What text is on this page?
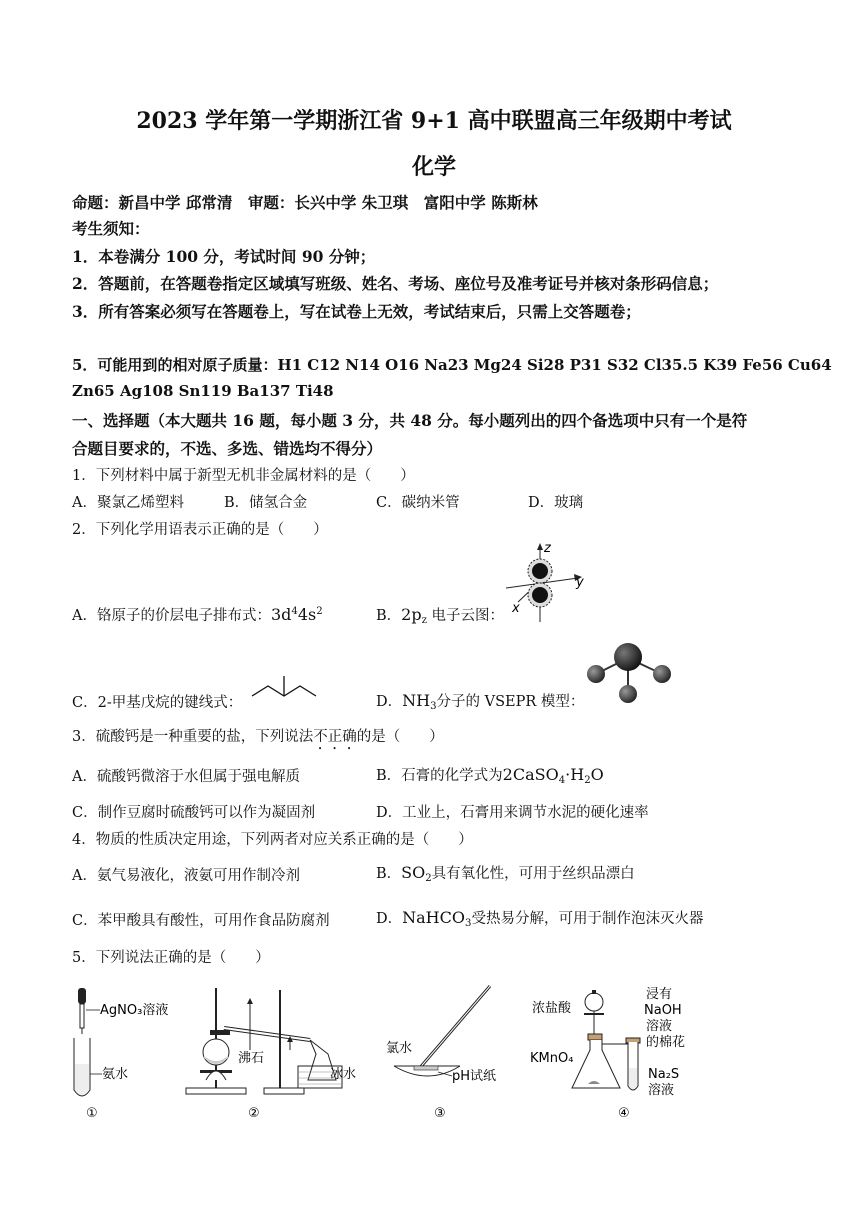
2023 学年第一学期浙江省 9+1 高中联盟高三年级期中考试
化学
命题：新昌中学 邱常清　审题：长兴中学 朱卫琪　富阳中学 陈斯林
考生须知：
1．本卷满分 100 分，考试时间 90 分钟；
2．答题前，在答题卷指定区域填写班级、姓名、考场、座位号及准考证号并核对条形码信息；
3．所有答案必须写在答题卷上，写在试卷上无效，考试结束后，只需上交答题卷；
5．可能用到的相对原子质量：H1 C12 N14 O16 Na23 Mg24 Si28 P31 S32 Cl35.5 K39 Fe56 Cu64
Zn65 Ag108 Sn119 Ba137 Ti48
一、选择题（本大题共 16 题，每小题 3 分，共 48 分。每小题列出的四个备选项中只有一个是符
合题目要求的，不选、多选、错选均不得分）
1．下列材料中属于新型无机非金属材料的是（　　）
A．聚氯乙烯塑料	B．储氢合金	C．碳纳米管	D．玻璃
2．下列化学用语表示正确的是（　　）
A．铬原子的价层电子排布式：$3d^44s^2$	B．$2p_z$ 电子云图：
z
y
x
C．2-甲基戊烷的键线式：	D．$NH_3$分子的 VSEPR 模型：
3．硫酸钙是一种重要的盐，下列说法不正确的是（　　）
A．硫酸钙微溶于水但属于强电解质	B．石膏的化学式为$2CaSO_4\cdot H_2O$
C．制作豆腐时硫酸钙可以作为凝固剂	D．工业上，石膏用来调节水泥的硬化速率
4．物质的性质决定用途，下列两者对应关系正确的是（　　）
A．氨气易液化，液氨可用作制冷剂	B．$SO_2$具有氧化性，可用于丝织品漂白
C．苯甲酸具有酸性，可用作食品防腐剂	D．NaHCO$_3$受热易分解，可用于制作泡沫灭火器
5．下列说法正确的是（　　）
AgNO₃溶液
氨水
①
沸石
冰水
②
氯水
pH试纸
③
浓盐酸
KMnO₄
浸有
NaOH
溶液
的棉花
Na₂S
溶液
④
